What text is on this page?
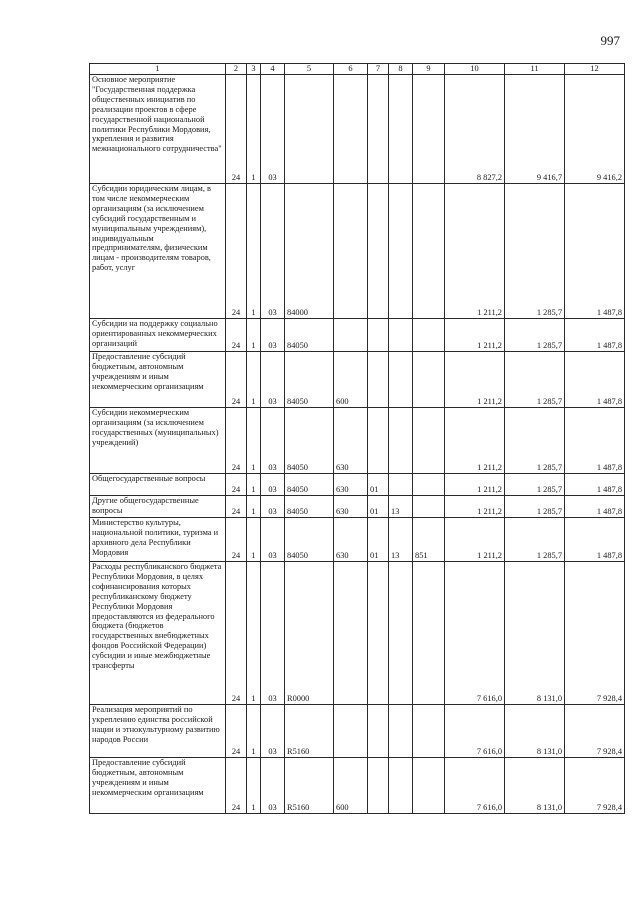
997
1	2	3	4	5	6	7	8	9	10	11	12
Основное мероприятие "Государственная поддержка общественных инициатив по реализации проектов в сфере государственной национальной политики Республики Мордовия, укрепления и развития межнационального сотрудничества"	24	1	03						8 827,2	9 416,7	9 416,2
Субсидии юридическим лицам, в том числе некоммерческим организациям (за исключением субсидий государственным и муниципальным учреждениям), индивидуальным предпринимателям, физическим лицам - производителям товаров, работ, услуг	24	1	03	84000					1 211,2	1 285,7	1 487,8
Субсидии на поддержку социально ориентированных некоммерческих организаций	24	1	03	84050					1 211,2	1 285,7	1 487,8
Предоставление субсидий бюджетным, автономным учреждениям и иным некоммерческим организациям	24	1	03	84050	600				1 211,2	1 285,7	1 487,8
Субсидии некоммерческим организациям (за исключением государственных (муниципальных) учреждений)	24	1	03	84050	630				1 211,2	1 285,7	1 487,8
Общегосударственные вопросы	24	1	03	84050	630	01			1 211,2	1 285,7	1 487,8
Другие общегосударственные вопросы	24	1	03	84050	630	01	13		1 211,2	1 285,7	1 487,8
Министерство культуры, национальной политики, туризма и архивного дела Республики Мордовия	24	1	03	84050	630	01	13	851	1 211,2	1 285,7	1 487,8
Расходы республиканского бюджета Республики Мордовия, в целях софинансирования которых республиканскому бюджету Республики Мордовия предоставляются из федерального бюджета (бюджетов государственных внебюджетных фондов Российской Федерации) субсидии и иные межбюджетные трансферты	24	1	03	R0000					7 616,0	8 131,0	7 928,4
Реализация мероприятий по укреплению единства российской нации и этнокультурному развитию народов России	24	1	03	R5160					7 616,0	8 131,0	7 928,4
Предоставление субсидий бюджетным, автономным учреждениям и иным некоммерческим организациям	24	1	03	R5160	600				7 616,0	8 131,0	7 928,4
